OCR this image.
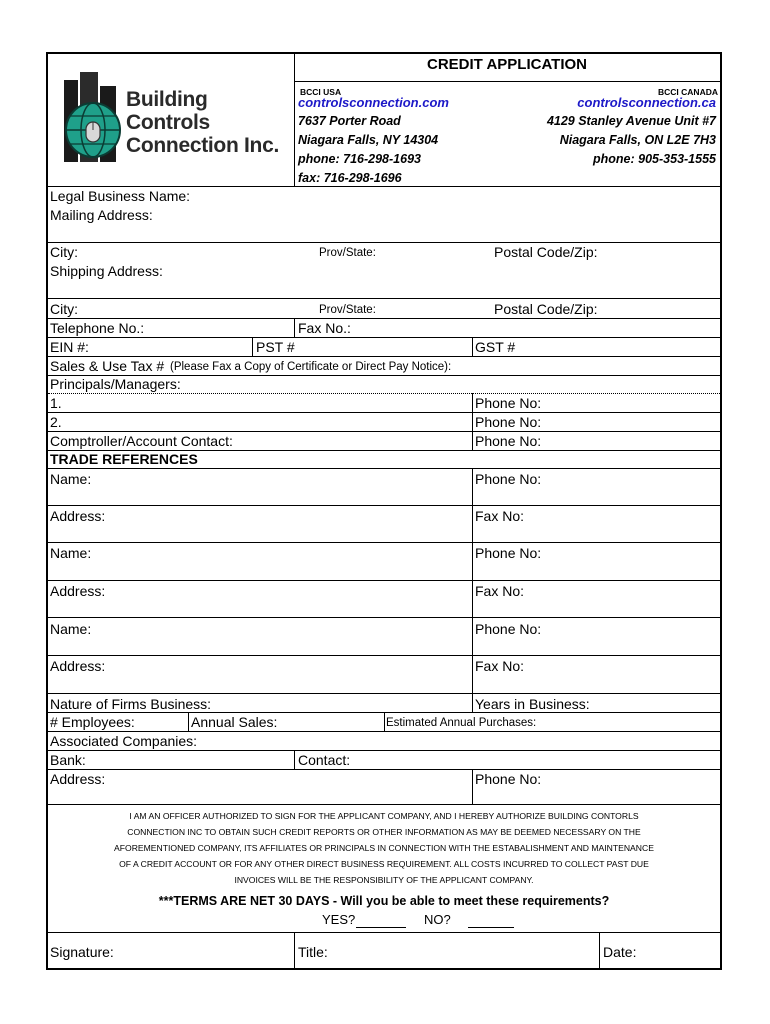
Building
Controls
Connection Inc.
CREDIT APPLICATION
BCCI USA	BCCI CANADA
controlsconnection.com
7637 Porter Road
Niagara Falls, NY 14304
phone: 716-298-1693
fax: 716-298-1696
controlsconnection.ca
4129 Stanley Avenue Unit #7
Niagara Falls, ON L2E 7H3
phone: 905-353-1555
Legal Business Name:
Mailing Address:
City:	Prov/State:	Postal Code/Zip:
Shipping Address:
City:	Prov/State:	Postal Code/Zip:
Telephone No.:	Fax No.:
EIN #:	PST #	GST #
Sales & Use Tax # (Please Fax a Copy of Certificate or Direct Pay Notice):
Principals/Managers:
1.	Phone No:
2.	Phone No:
Comptroller/Account Contact:	Phone No:
TRADE REFERENCES
Name:	Phone No:
Address:	Fax No:
Name:	Phone No:
Address:	Fax No:
Name:	Phone No:
Address:	Fax No:
Nature of Firms Business:	Years in Business:
# Employees:	Annual Sales:	Estimated Annual Purchases:
Associated Companies:
Bank:	Contact:
Address:	Phone No:
I AM AN OFFICER AUTHORIZED TO SIGN FOR THE APPLICANT COMPANY, AND I HEREBY AUTHORIZE BUILDING CONTORLS
CONNECTION INC TO OBTAIN SUCH CREDIT REPORTS OR OTHER INFORMATION AS MAY BE DEEMED NECESSARY ON THE
AFOREMENTIONED COMPANY, ITS AFFILIATES OR PRINCIPALS IN CONNECTION WITH THE ESTABALISHMENT AND MAINTENANCE
OF A CREDIT ACCOUNT OR FOR ANY OTHER DIRECT BUSINESS REQUIREMENT. ALL COSTS INCURRED TO COLLECT PAST DUE
INVOICES WILL BE THE RESPONSIBILITY OF THE APPLICANT COMPANY.
***TERMS ARE NET 30 DAYS - Will you be able to meet these requirements?
YES?	NO?
Signature:	Title:	Date:
